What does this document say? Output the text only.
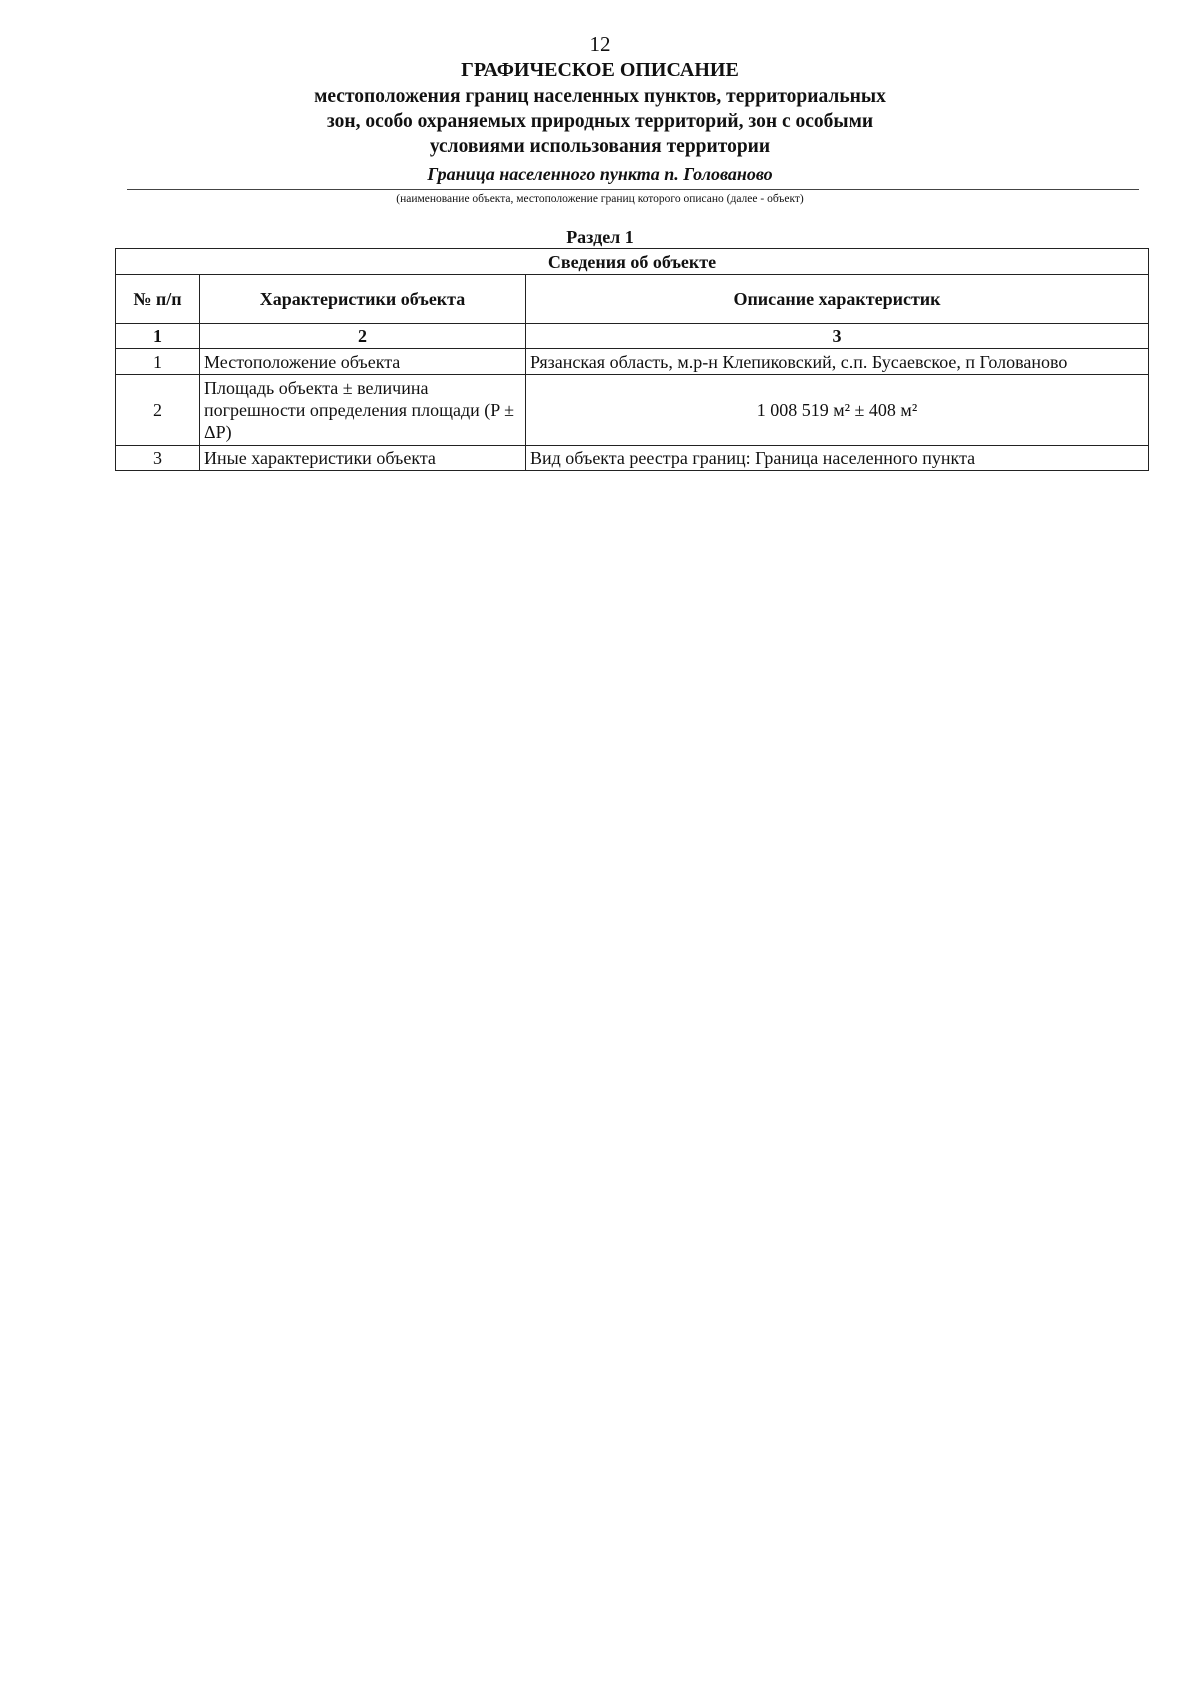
12
ГРАФИЧЕСКОЕ ОПИСАНИЕ
местоположения границ населенных пунктов, территориальных
зон, особо охраняемых природных территорий, зон с особыми
условиями использования территории
Граница населенного пункта п. Голованово
(наименование объекта, местоположение границ которого описано (далее - объект)
Раздел 1
Сведения об объекте		
№ п/п	Характеристики объекта	Описание характеристик
1	2	3
1	Местоположение объекта	Рязанская область, м.р-н Клепиковский, с.п. Бусаевское, п Голованово
2	Площадь объекта ± величина погрешности определения площади (P ± ΔP)	1 008 519 м² ± 408 м²
3	Иные характеристики объекта	Вид объекта реестра границ: Граница населенного пункта
